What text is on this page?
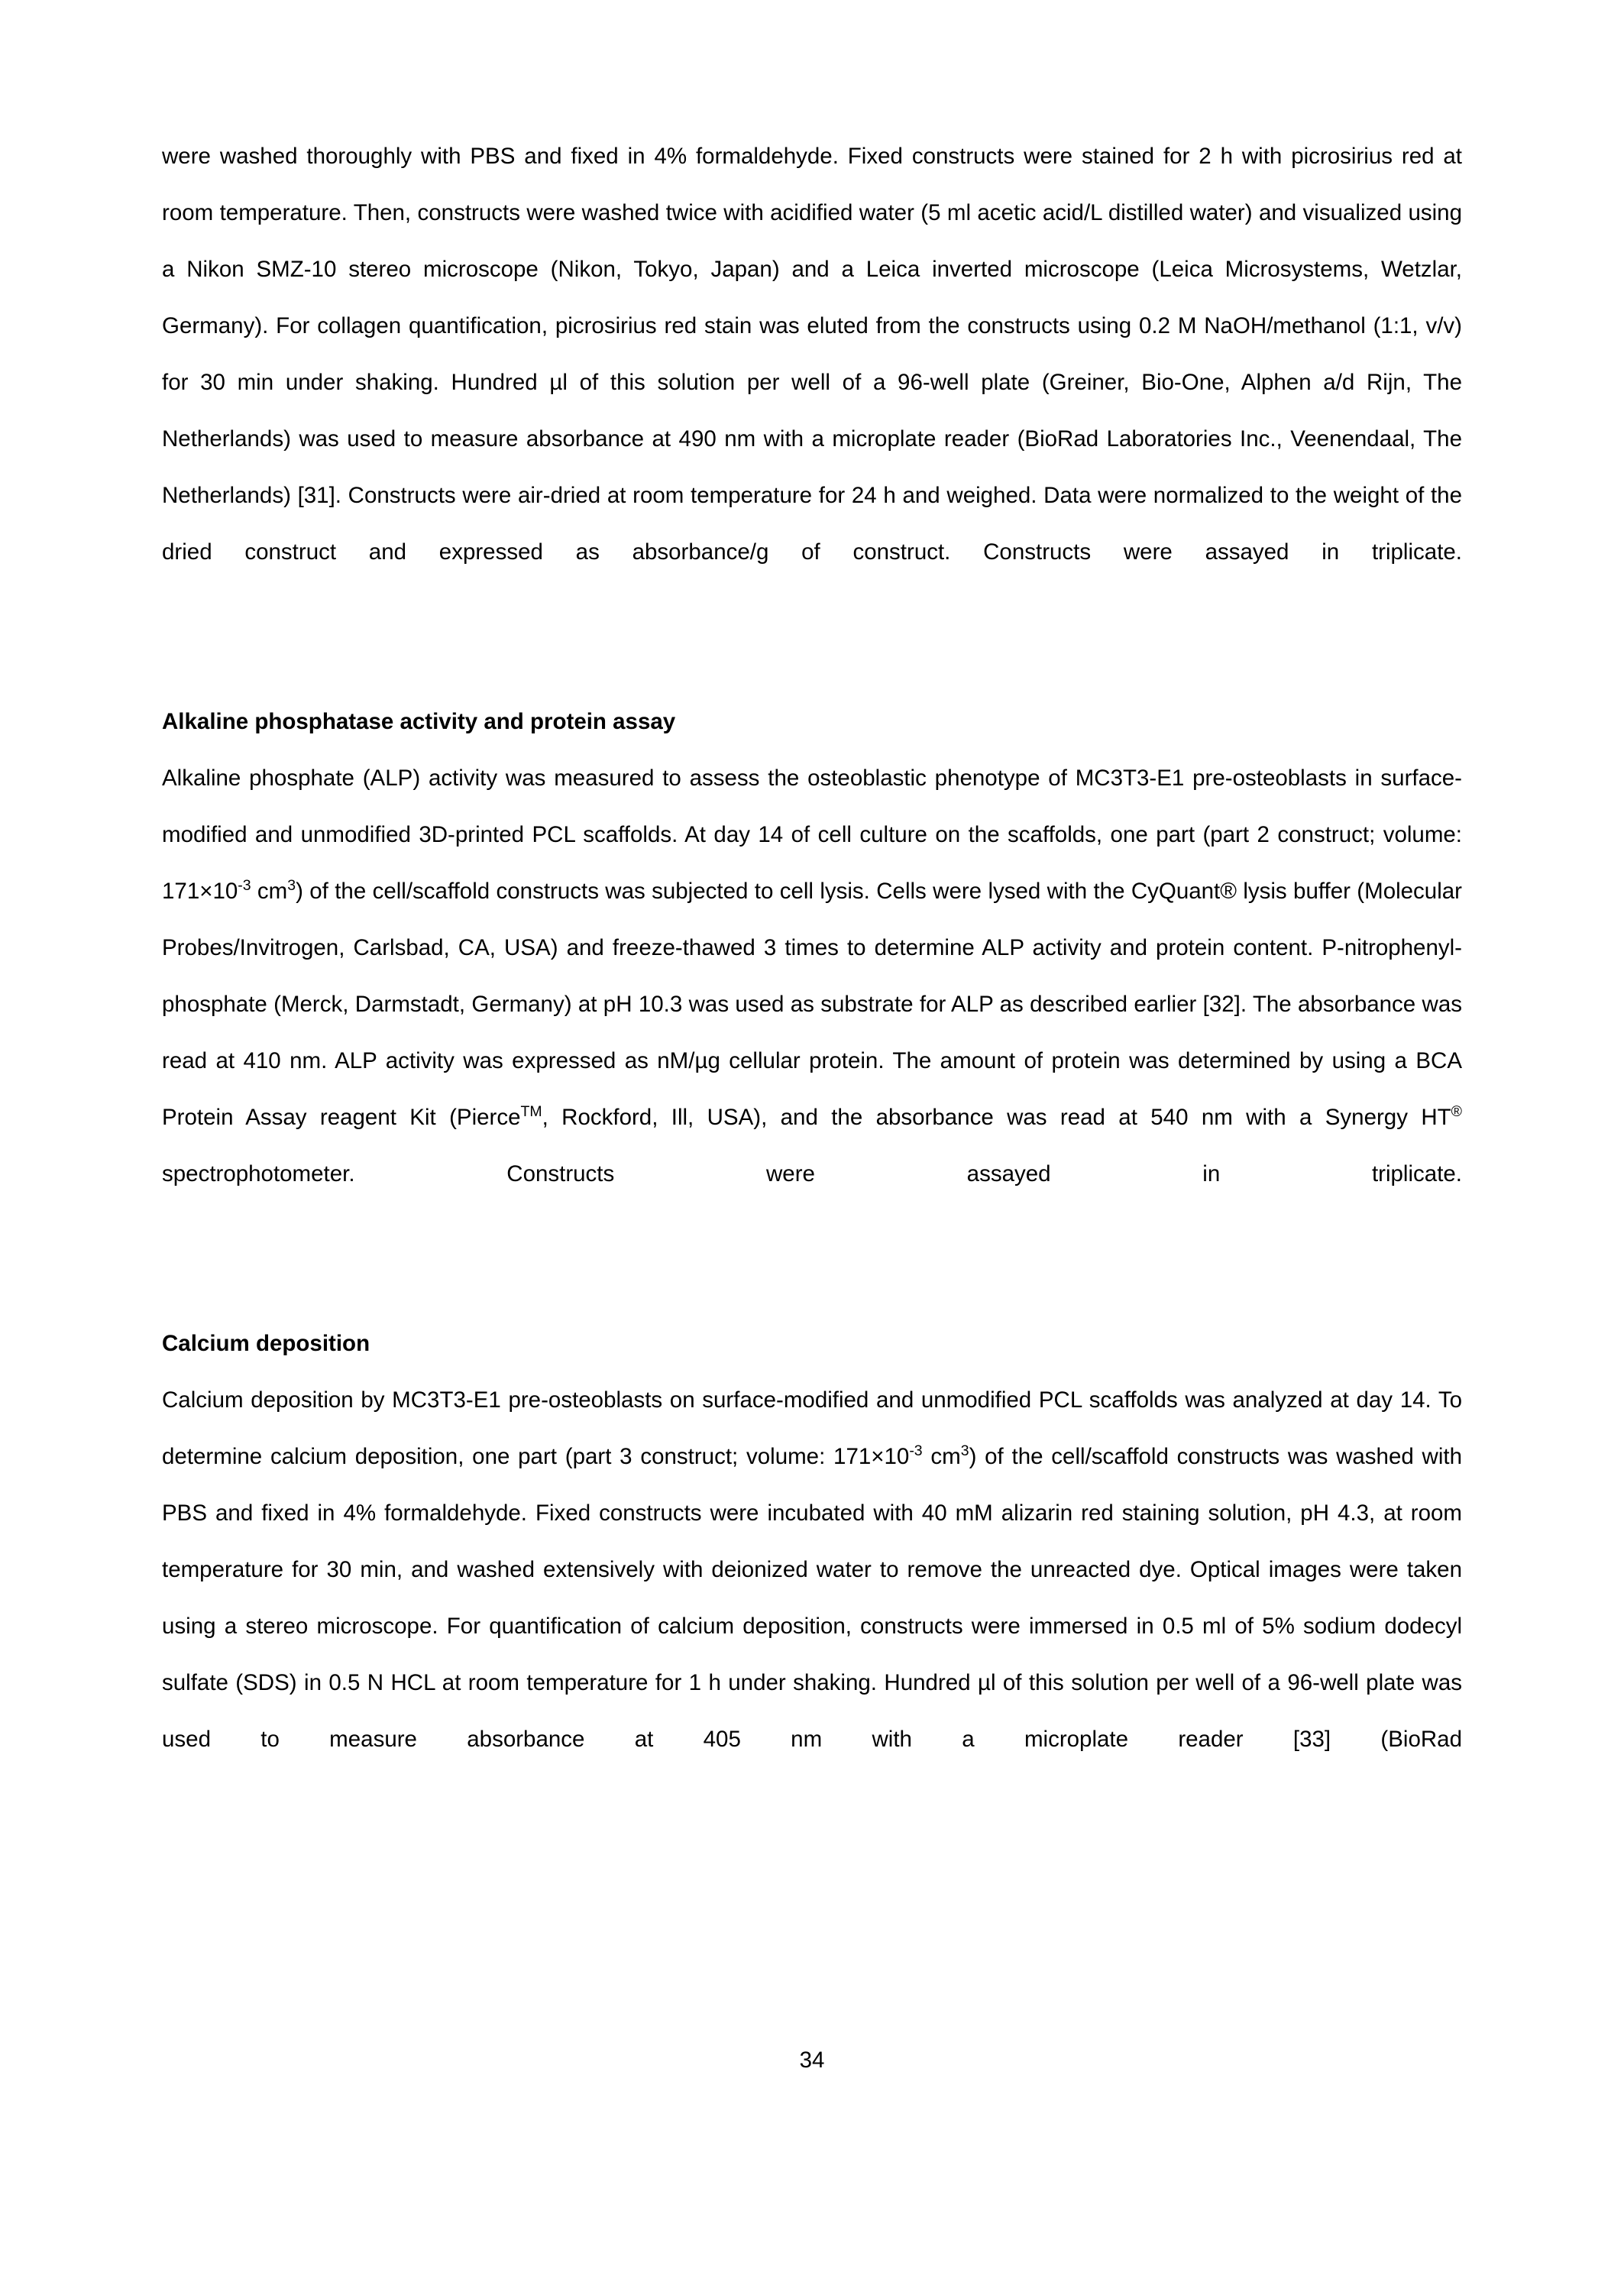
were washed thoroughly with PBS and fixed in 4% formaldehyde. Fixed constructs were stained for 2 h with picrosirius red at room temperature. Then, constructs were washed twice with acidified water (5 ml acetic acid/L distilled water) and visualized using a Nikon SMZ-10 stereo microscope (Nikon, Tokyo, Japan) and a Leica inverted microscope (Leica Microsystems, Wetzlar, Germany). For collagen quantification, picrosirius red stain was eluted from the constructs using 0.2 M NaOH/methanol (1:1, v/v) for 30 min under shaking. Hundred µl of this solution per well of a 96-well plate (Greiner, Bio-One, Alphen a/d Rijn, The Netherlands) was used to measure absorbance at 490 nm with a microplate reader (BioRad Laboratories Inc., Veenendaal, The Netherlands) [31]. Constructs were air-dried at room temperature for 24 h and weighed. Data were normalized to the weight of the dried construct and expressed as absorbance/g of construct. Constructs were assayed in triplicate.

Alkaline phosphatase activity and protein assay

Alkaline phosphate (ALP) activity was measured to assess the osteoblastic phenotype of MC3T3-E1 pre-osteoblasts in surface-modified and unmodified 3D-printed PCL scaffolds. At day 14 of cell culture on the scaffolds, one part (part 2 construct; volume: $171\times 10^{-3}$ $cm^3$) of the cell/scaffold constructs was subjected to cell lysis. Cells were lysed with the CyQuant® lysis buffer (Molecular Probes/Invitrogen, Carlsbad, CA, USA) and freeze-thawed 3 times to determine ALP activity and protein content. P-nitrophenyl-phosphate (Merck, Darmstadt, Germany) at pH 10.3 was used as substrate for ALP as described earlier [32]. The absorbance was read at 410 nm. ALP activity was expressed as nM/µg cellular protein. The amount of protein was determined by using a BCA Protein Assay reagent Kit (Pierce™, Rockford, Ill, USA), and the absorbance was read at 540 nm with a Synergy HT® spectrophotometer. Constructs were assayed in triplicate.

Calcium deposition

Calcium deposition by MC3T3-E1 pre-osteoblasts on surface-modified and unmodified PCL scaffolds was analyzed at day 14. To determine calcium deposition, one part (part 3 construct; volume: $171\times 10^{-3}$ $cm^3$) of the cell/scaffold constructs was washed with PBS and fixed in 4% formaldehyde. Fixed constructs were incubated with 40 mM alizarin red staining solution, pH 4.3, at room temperature for 30 min, and washed extensively with deionized water to remove the unreacted dye. Optical images were taken using a stereo microscope. For quantification of calcium deposition, constructs were immersed in 0.5 ml of 5% sodium dodecyl sulfate (SDS) in 0.5 N HCL at room temperature for 1 h under shaking. Hundred µl of this solution per well of a 96-well plate was used to measure absorbance at 405 nm with a microplate reader [33] (BioRad

34
